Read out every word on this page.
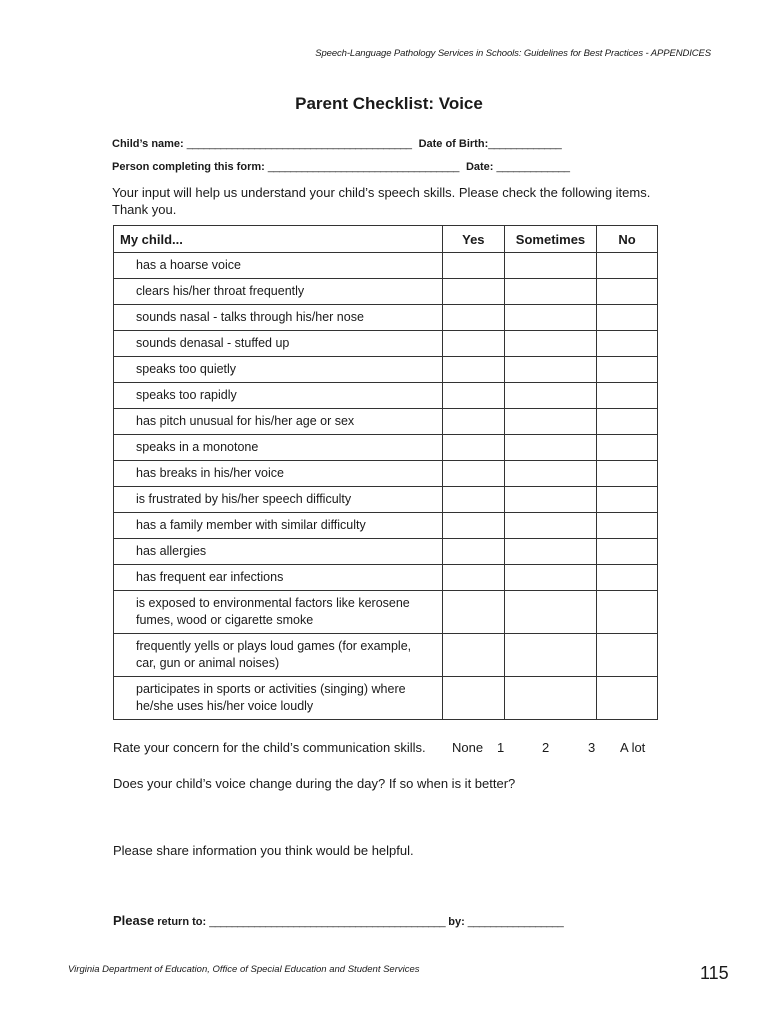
Speech-Language Pathology Services in Schools: Guidelines for Best Practices - APPENDICES
Parent Checklist: Voice
Child’s name: ________________________________________ Date of Birth:_____________
Person completing this form: __________________________________ Date: _____________
Your input will help us understand your child’s speech skills. Please check the following items. Thank you.
My child...	Yes	Sometimes	No
has a hoarse voice			
clears his/her throat frequently			
sounds nasal - talks through his/her nose			
sounds denasal - stuffed up			
speaks too quietly			
speaks too rapidly			
has pitch unusual for his/her age or sex			
speaks in a monotone			
has breaks in his/her voice			
is frustrated by his/her speech difficulty			
has a family member with similar difficulty			
has allergies			
has frequent ear infections			
is exposed to environmental factors like kerosene fumes, wood or cigarette smoke			
frequently yells or plays loud games (for example, car, gun or animal noises)			
participates in sports or activities (singing) where he/she uses his/her voice loudly			
Rate your concern for the child’s communication skills. None 1	2	3 A lot
Does your child’s voice change during the day? If so when is it better?
Please share information you think would be helpful.
Please return to: __________________________________________ by: _________________
Virginia Department of Education, Office of Special Education and Student Services	115
